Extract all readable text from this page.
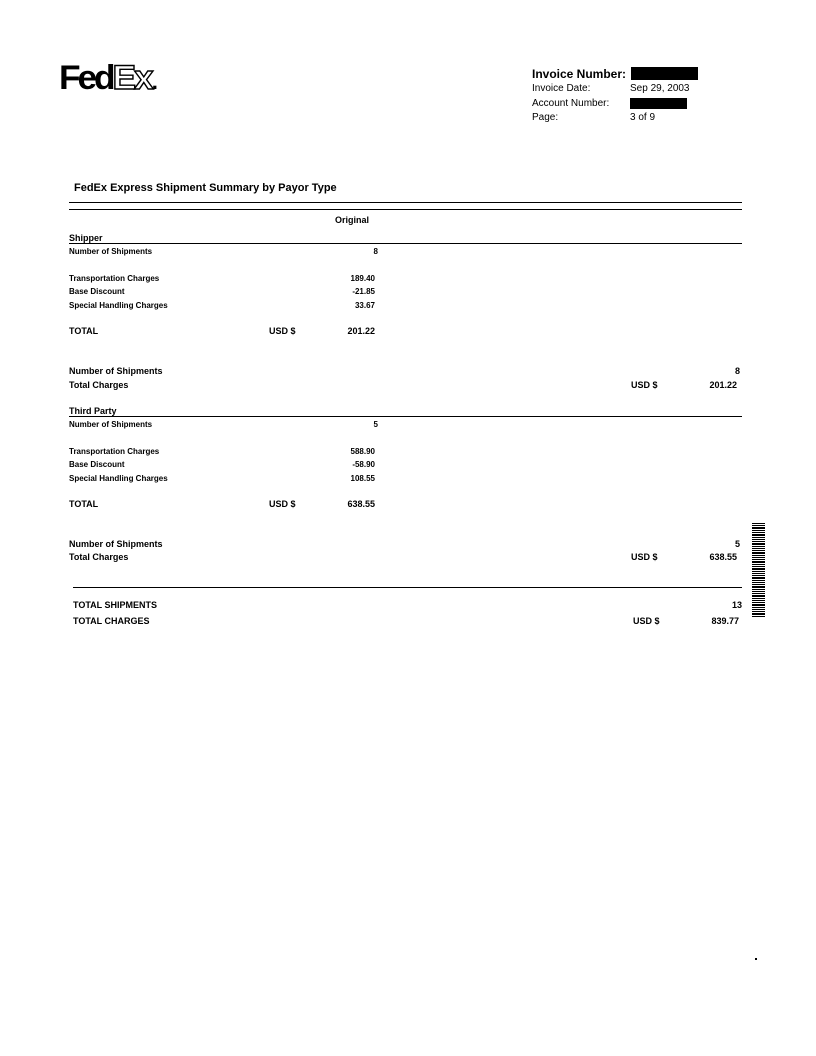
FedEx.	Invoice Number:
Invoice Date:	Sep 29, 2003
Account Number:
Page:	3 of 9
FedEx Express Shipment Summary by Payor Type
Original
Shipper
Number of Shipments	8
Transportation Charges	189.40
Base Discount	-21.85
Special Handling Charges	33.67
TOTAL	USD $	201.22
Number of Shipments	8
Total Charges	USD $	201.22
Third Party
Number of Shipments	5
Transportation Charges	588.90
Base Discount	-58.90
Special Handling Charges	108.55
TOTAL	USD $	638.55
Number of Shipments	5
Total Charges	USD $	638.55
TOTAL SHIPMENTS	13
TOTAL CHARGES	USD $	839.77
